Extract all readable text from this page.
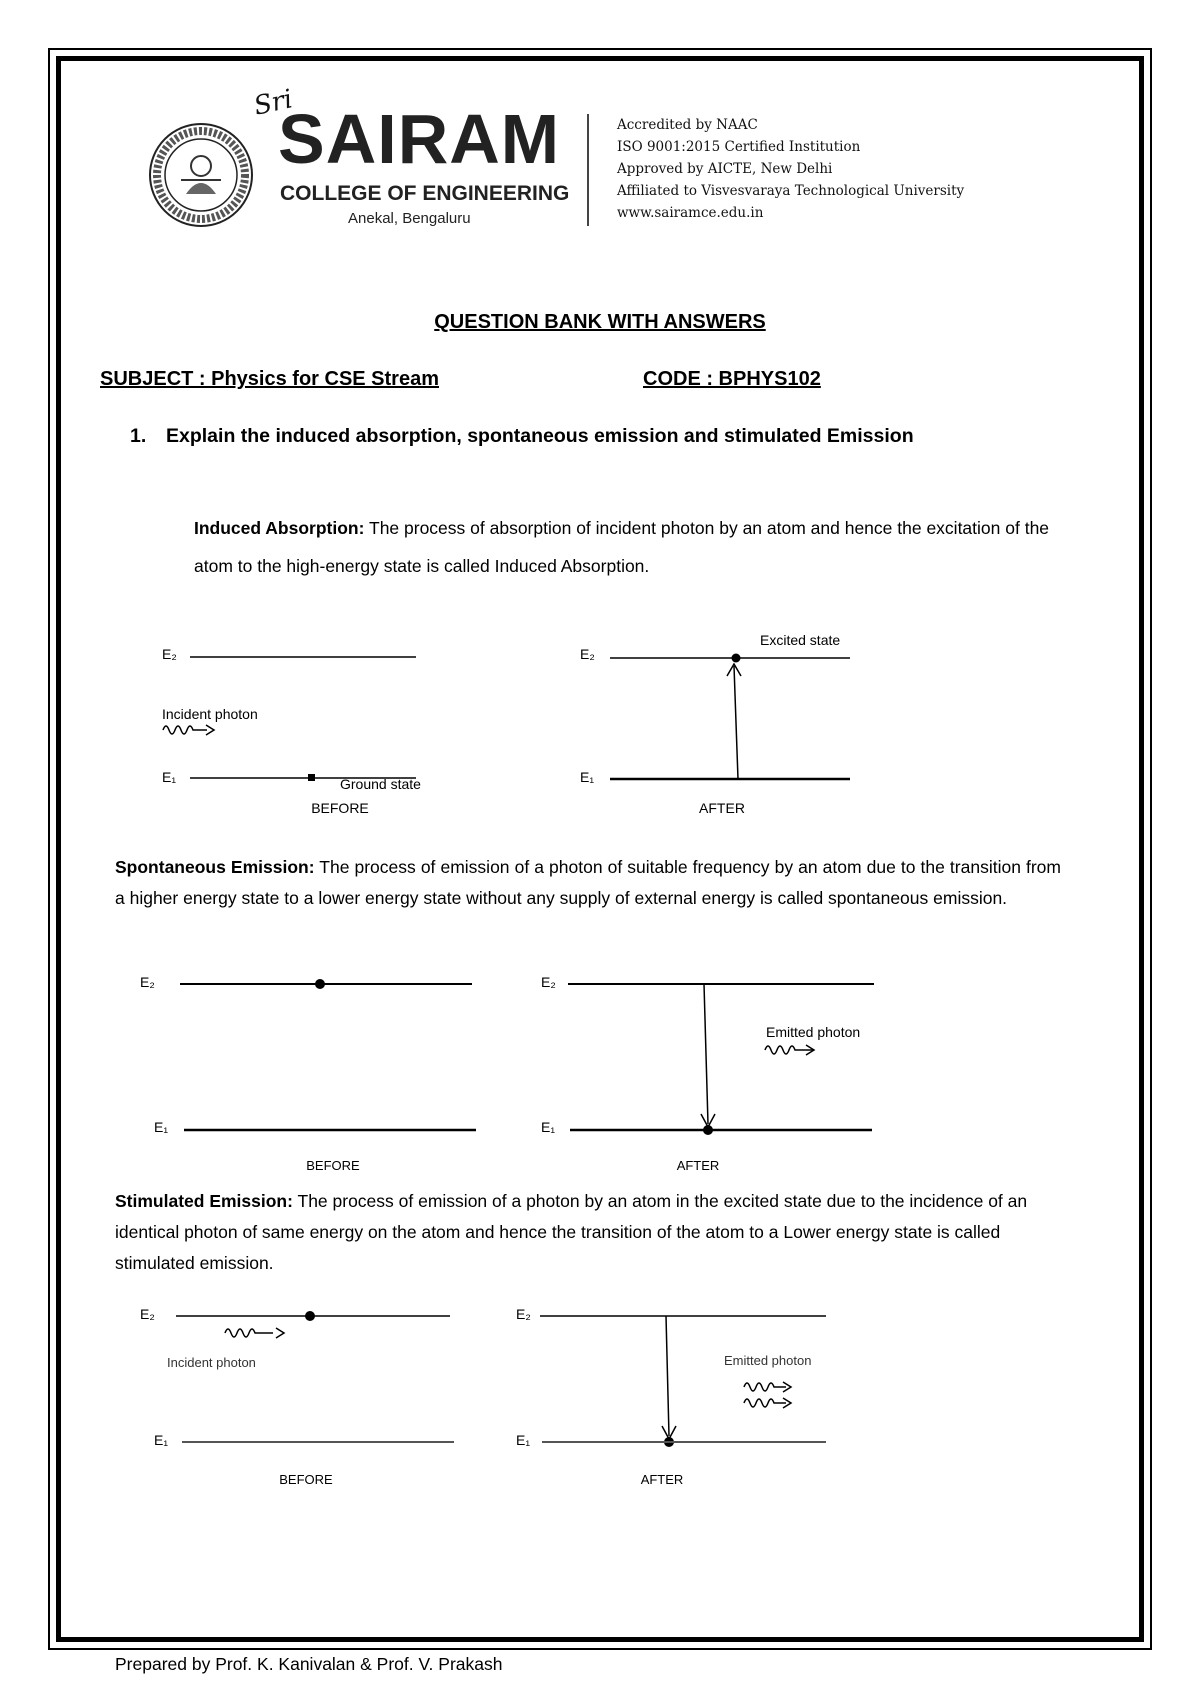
Sri
SAIRAM
COLLEGE OF ENGINEERING
Anekal, Bengaluru
Accredited by NAAC
ISO 9001:2015 Certified Institution
Approved by AICTE, New Delhi
Affiliated to Visvesvaraya Technological University
www.sairamce.edu.in
QUESTION BANK WITH ANSWERS
SUBJECT : Physics for CSE Stream	CODE : BPHYS102
1. Explain the induced absorption, spontaneous emission and stimulated Emission
Induced Absorption: The process of absorption of incident photon by an atom and hence the excitation of the atom to the high-energy state is called Induced Absorption.
E₂
Incident photon
E₁	Ground state
BEFORE
E₂
Excited state
E₁
AFTER
Spontaneous Emission: The process of emission of a photon of suitable frequency by an atom due to the transition from a higher energy state to a lower energy state without any supply of external energy is called spontaneous emission.
E₂
E₁
BEFORE
E₂
Emitted photon
E₁
AFTER
Stimulated Emission: The process of emission of a photon by an atom in the excited state due to the incidence of an identical photon of same energy on the atom and hence the transition of the atom to a Lower energy state is called stimulated emission.
E₂
Incident photon
E₁
BEFORE
E₂
Emitted photon
E₁
AFTER
Prepared by Prof. K. Kanivalan & Prof. V. Prakash
